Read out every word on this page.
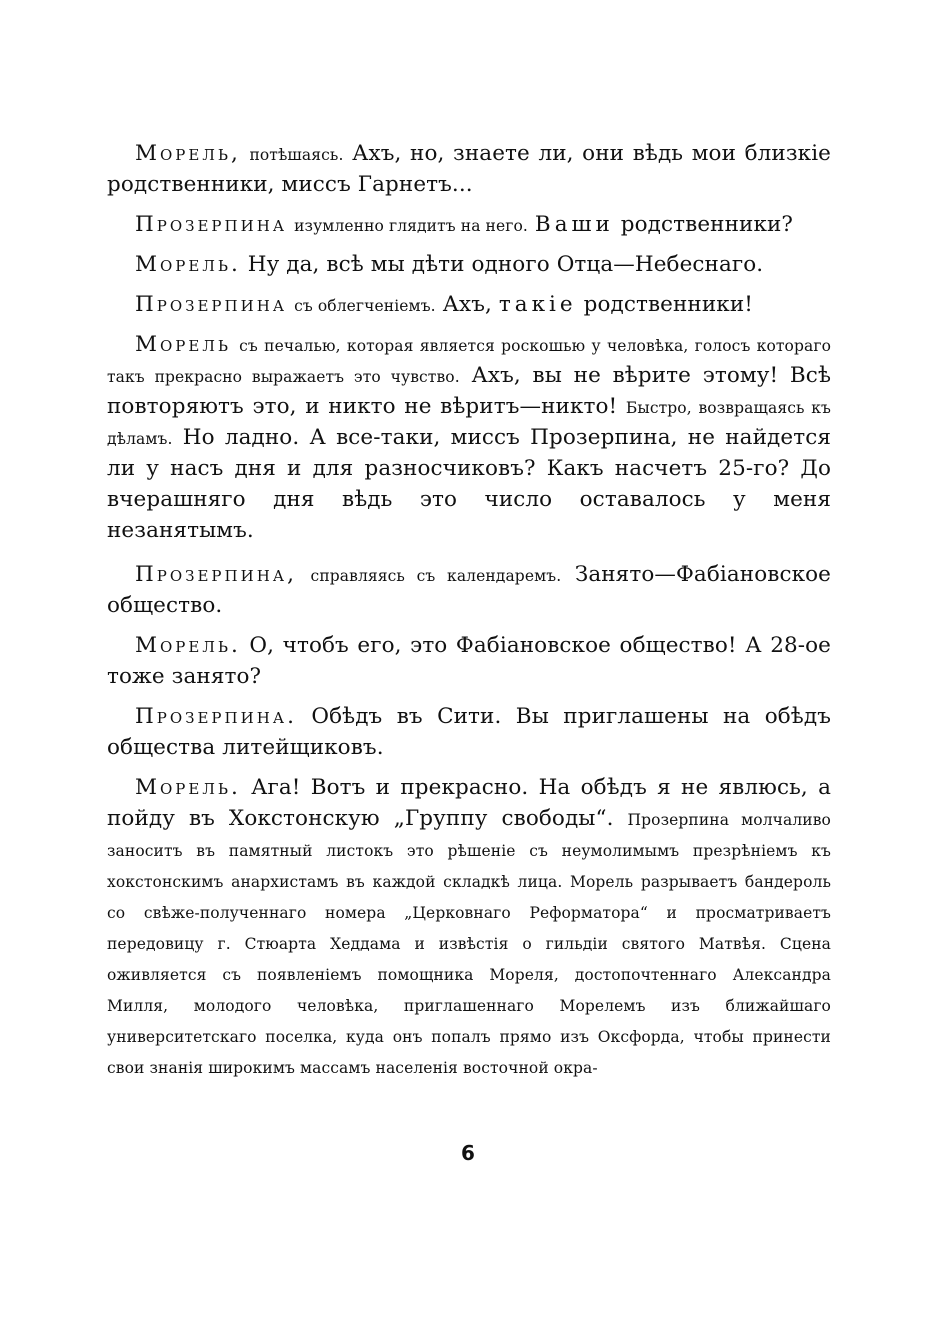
Морель, потѣшаясь. Ахъ, но, знаете ли, они вѣдь мои близкіе родственники, миссъ Гарнетъ...

Прозерпина изумленно глядитъ на него. Ваши родственники?

Морель. Ну да, всѣ мы дѣти одного Отца—Небеснаго.

Прозерпина съ облегченіемъ. Ахъ, такіе родственники!

Морель съ печалью, которая является роскошью у человѣка, голосъ котораго такъ прекрасно выражаетъ это чувство. Ахъ, вы не вѣрите этому! Всѣ повторяютъ это, и никто не вѣритъ—никто! Быстро, возвращаясь къ дѣламъ. Но ладно. А все-таки, миссъ Прозерпина, не найдется ли у насъ дня и для разносчиковъ? Какъ насчетъ 25-го? До вчерашняго дня вѣдь это число оставалось у меня незанятымъ.

Прозерпина, справляясь съ календаремъ. Занято—Фабіановское общество.

Морель. О, чтобъ его, это Фабіановское общество! А 28-ое тоже занято?

Прозерпина. Обѣдъ въ Сити. Вы приглашены на обѣдъ общества литейщиковъ.

Морель. Ага! Вотъ и прекрасно. На обѣдъ я не явлюсь, а пойду въ Хокстонскую „Группу свободы“. Прозерпина молчаливо заноситъ въ памятный листокъ это рѣшеніе съ неумолимымъ презрѣніемъ къ хокстонскимъ анархистамъ въ каждой складкѣ лица. Морель разрываетъ бандероль со свѣже-полученнаго номера „Церковнаго Реформатора“ и просматриваетъ передовицу г. Стюарта Хеддама и извѣстія о гильдіи святого Матвѣя. Сцена оживляется съ появленіемъ помощника Мореля, достопочтеннаго Александра Милля, молодого человѣка, приглашеннаго Морелемъ изъ ближайшаго университетскаго поселка, куда онъ попалъ прямо изъ Оксфорда, чтобы принести свои знанія широкимъ массамъ населенія восточной окра-

6
